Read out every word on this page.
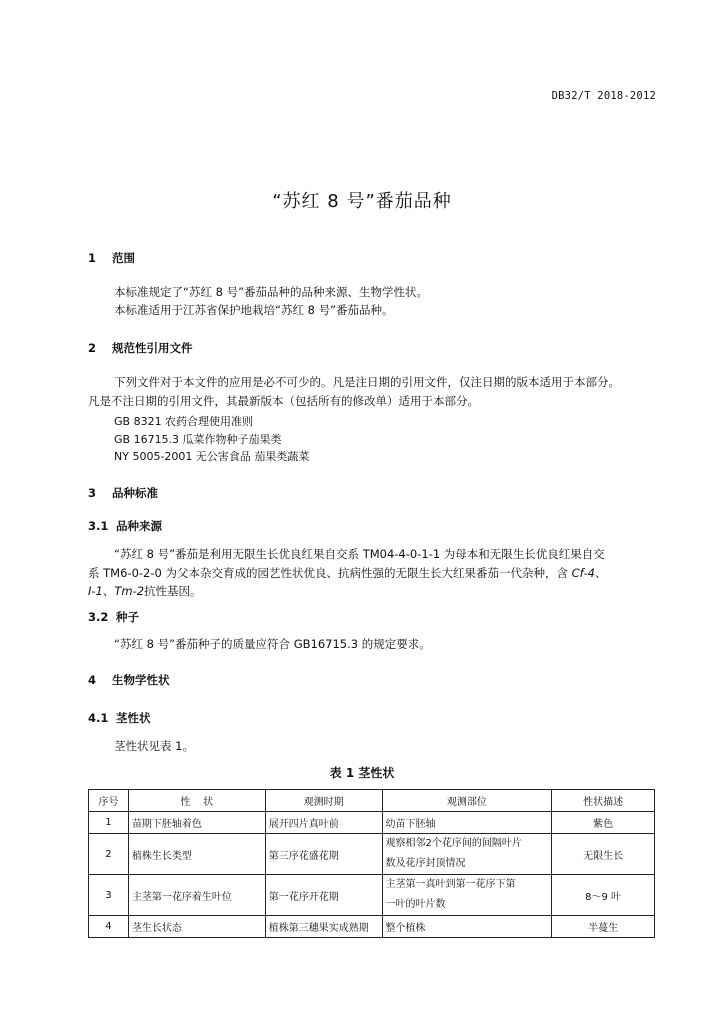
DB32/T 2018-2012
“苏红 8 号”番茄品种
1 范围
本标准规定了“苏红 8 号”番茄品种的品种来源、生物学性状。
本标准适用于江苏省保护地栽培“苏红 8 号”番茄品种。
2 规范性引用文件
下列文件对于本文件的应用是必不可少的。凡是注日期的引用文件，仅注日期的版本适用于本部分。
凡是不注日期的引用文件，其最新版本（包括所有的修改单）适用于本部分。
GB 8321 农药合理使用准则
GB 16715.3 瓜菜作物种子茄果类
NY 5005-2001 无公害食品 茄果类蔬菜
3 品种标准
3.1 品种来源
“苏红 8 号”番茄是利用无限生长优良红果自交系 TM04-4-0-1-1 为母本和无限生长优良红果自交
系 TM6-0-2-0 为父本杂交育成的园艺性状优良、抗病性强的无限生长大红果番茄一代杂种，含 Cf-4、
I-1、Tm-2抗性基因。
3.2 种子
“苏红 8 号”番茄种子的质量应符合 GB16715.3 的规定要求。
4 生物学性状
4.1 茎性状
茎性状见表 1。
表 1 茎性状
序号	性    状	观测时期	观测部位	性状描述
1	苗期下胚轴着色	展开四片真叶前	幼苗下胚轴	紫色
2	植株生长类型	第三序花盛花期	观察相邻2个花序间的间隔叶片
数及花序封顶情况	无限生长
3	主茎第一花序着生叶位	第一花序开花期	主茎第一真叶到第一花序下第
一叶的叶片数	8～9 叶
4	茎生长状态	植株第三穗果实成熟期	整个植株	半蔓生
